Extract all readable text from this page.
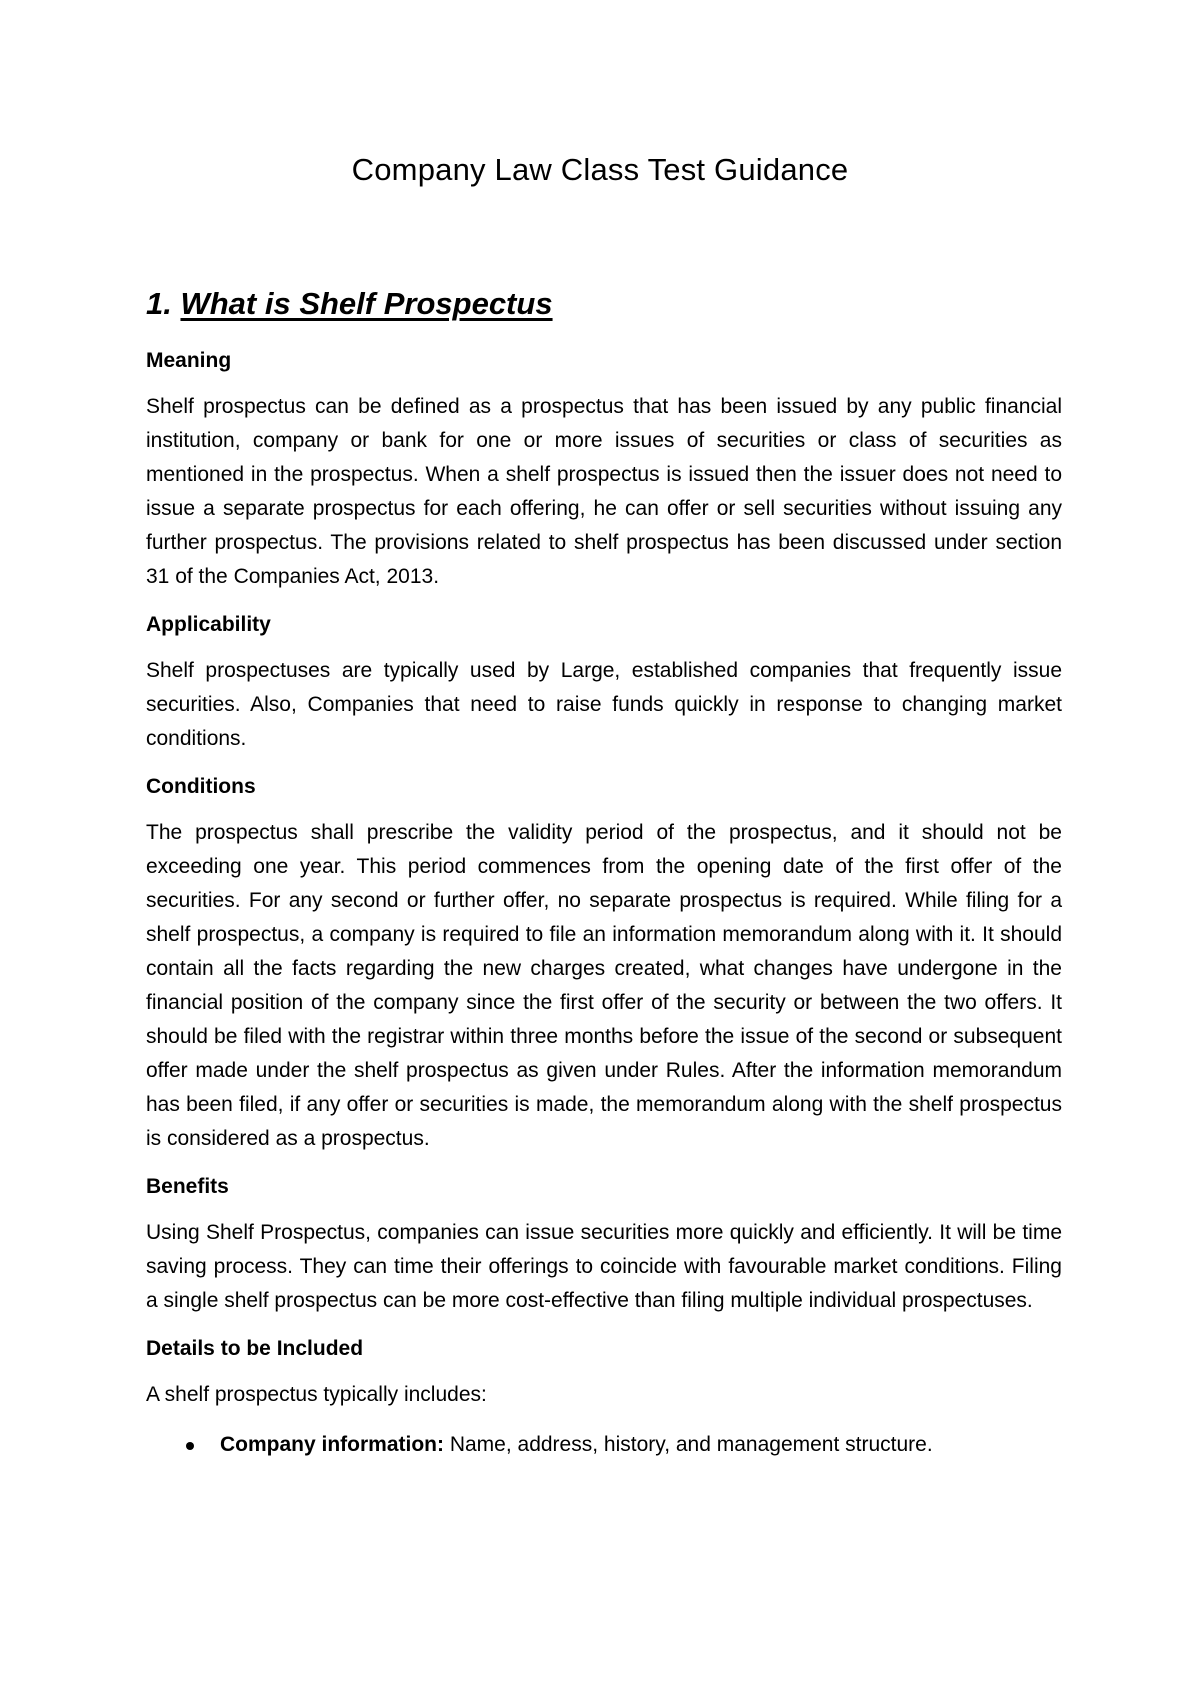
Company Law Class Test Guidance
1. What is Shelf Prospectus
Meaning

Shelf prospectus can be defined as a prospectus that has been issued by any public financial institution, company or bank for one or more issues of securities or class of securities as mentioned in the prospectus. When a shelf prospectus is issued then the issuer does not need to issue a separate prospectus for each offering, he can offer or sell securities without issuing any further prospectus. The provisions related to shelf prospectus has been discussed under section 31 of the Companies Act, 2013.

Applicability

Shelf prospectuses are typically used by Large, established companies that frequently issue securities. Also, Companies that need to raise funds quickly in response to changing market conditions.

Conditions

The prospectus shall prescribe the validity period of the prospectus, and it should not be exceeding one year. This period commences from the opening date of the first offer of the securities. For any second or further offer, no separate prospectus is required. While filing for a shelf prospectus, a company is required to file an information memorandum along with it. It should contain all the facts regarding the new charges created, what changes have undergone in the financial position of the company since the first offer of the security or between the two offers. It should be filed with the registrar within three months before the issue of the second or subsequent offer made under the shelf prospectus as given under Rules. After the information memorandum has been filed, if any offer or securities is made, the memorandum along with the shelf prospectus is considered as a prospectus.

Benefits

Using Shelf Prospectus, companies can issue securities more quickly and efficiently. It will be time saving process. They can time their offerings to coincide with favourable market conditions. Filing a single shelf prospectus can be more cost-effective than filing multiple individual prospectuses.

Details to be Included

A shelf prospectus typically includes:

Company information: Name, address, history, and management structure.
